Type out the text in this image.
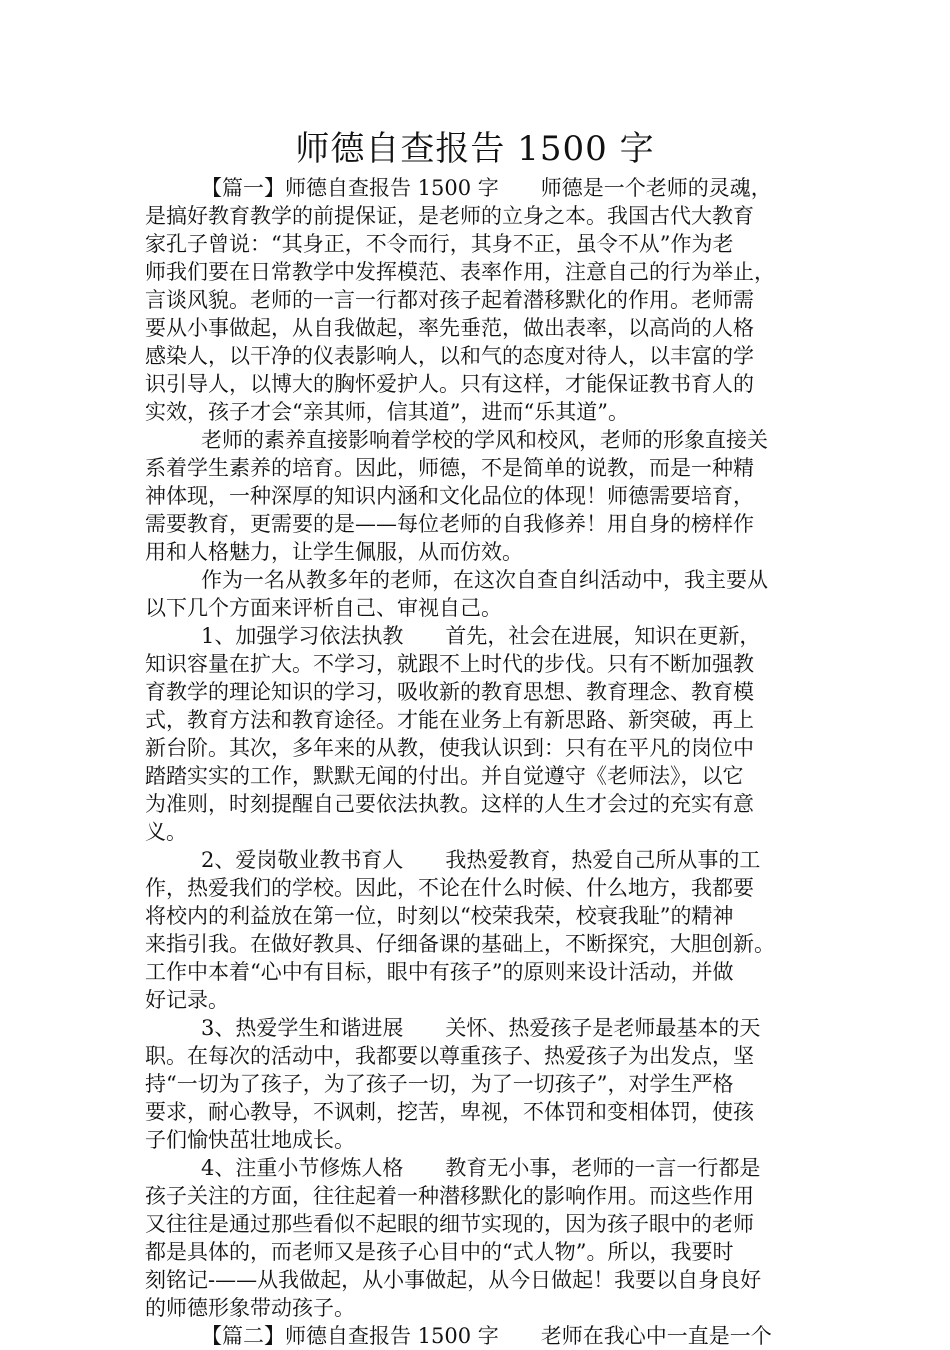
师德自查报告 1500 字
【篇一】师德自查报告 1500 字　　师德是一个老师的灵魂，
是搞好教育教学的前提保证，是老师的立身之本。我国古代大教育
家孔子曾说：“其身正，不令而行，其身不正，虽令不从”作为老
师我们要在日常教学中发挥模范、表率作用，注意自己的行为举止，
言谈风貌。老师的一言一行都对孩子起着潜移默化的作用。老师需
要从小事做起，从自我做起，率先垂范，做出表率，以高尚的人格
感染人，以干净的仪表影响人，以和气的态度对待人，以丰富的学
识引导人，以博大的胸怀爱护人。只有这样，才能保证教书育人的
实效，孩子才会“亲其师，信其道”，进而“乐其道”。
老师的素养直接影响着学校的学风和校风，老师的形象直接关
系着学生素养的培育。因此，师德，不是简单的说教，而是一种精
神体现，一种深厚的知识内涵和文化品位的体现！师德需要培育，
需要教育，更需要的是——每位老师的自我修养！用自身的榜样作
用和人格魅力，让学生佩服，从而仿效。
作为一名从教多年的老师，在这次自查自纠活动中，我主要从
以下几个方面来评析自己、审视自己。
1、加强学习依法执教　　首先，社会在进展，知识在更新，
知识容量在扩大。不学习，就跟不上时代的步伐。只有不断加强教
育教学的理论知识的学习，吸收新的教育思想、教育理念、教育模
式，教育方法和教育途径。才能在业务上有新思路、新突破，再上
新台阶。其次，多年来的从教，使我认识到：只有在平凡的岗位中
踏踏实实的工作，默默无闻的付出。并自觉遵守《老师法》，以它
为准则，时刻提醒自己要依法执教。这样的人生才会过的充实有意
义。
2、爱岗敬业教书育人　　我热爱教育，热爱自己所从事的工
作，热爱我们的学校。因此，不论在什么时候、什么地方，我都要
将校内的利益放在第一位，时刻以“校荣我荣，校衰我耻”的精神
来指引我。在做好教具、仔细备课的基础上，不断探究，大胆创新。
工作中本着“心中有目标，眼中有孩子”的原则来设计活动，并做
好记录。
3、热爱学生和谐进展　　关怀、热爱孩子是老师最基本的天
职。在每次的活动中，我都要以尊重孩子、热爱孩子为出发点，坚
持“一切为了孩子，为了孩子一切，为了一切孩子”，对学生严格
要求，耐心教导，不讽刺，挖苦，卑视，不体罚和变相体罚，使孩
子们愉快茁壮地成长。
4、注重小节修炼人格　　教育无小事，老师的一言一行都是
孩子关注的方面，往往起着一种潜移默化的影响作用。而这些作用
又往往是通过那些看似不起眼的细节实现的，因为孩子眼中的老师
都是具体的，而老师又是孩子心目中的“式人物”。所以，我要时
刻铭记-——从我做起，从小事做起，从今日做起！我要以自身良好
的师德形象带动孩子。
【篇二】师德自查报告 1500 字　　老师在我心中一直是一个
